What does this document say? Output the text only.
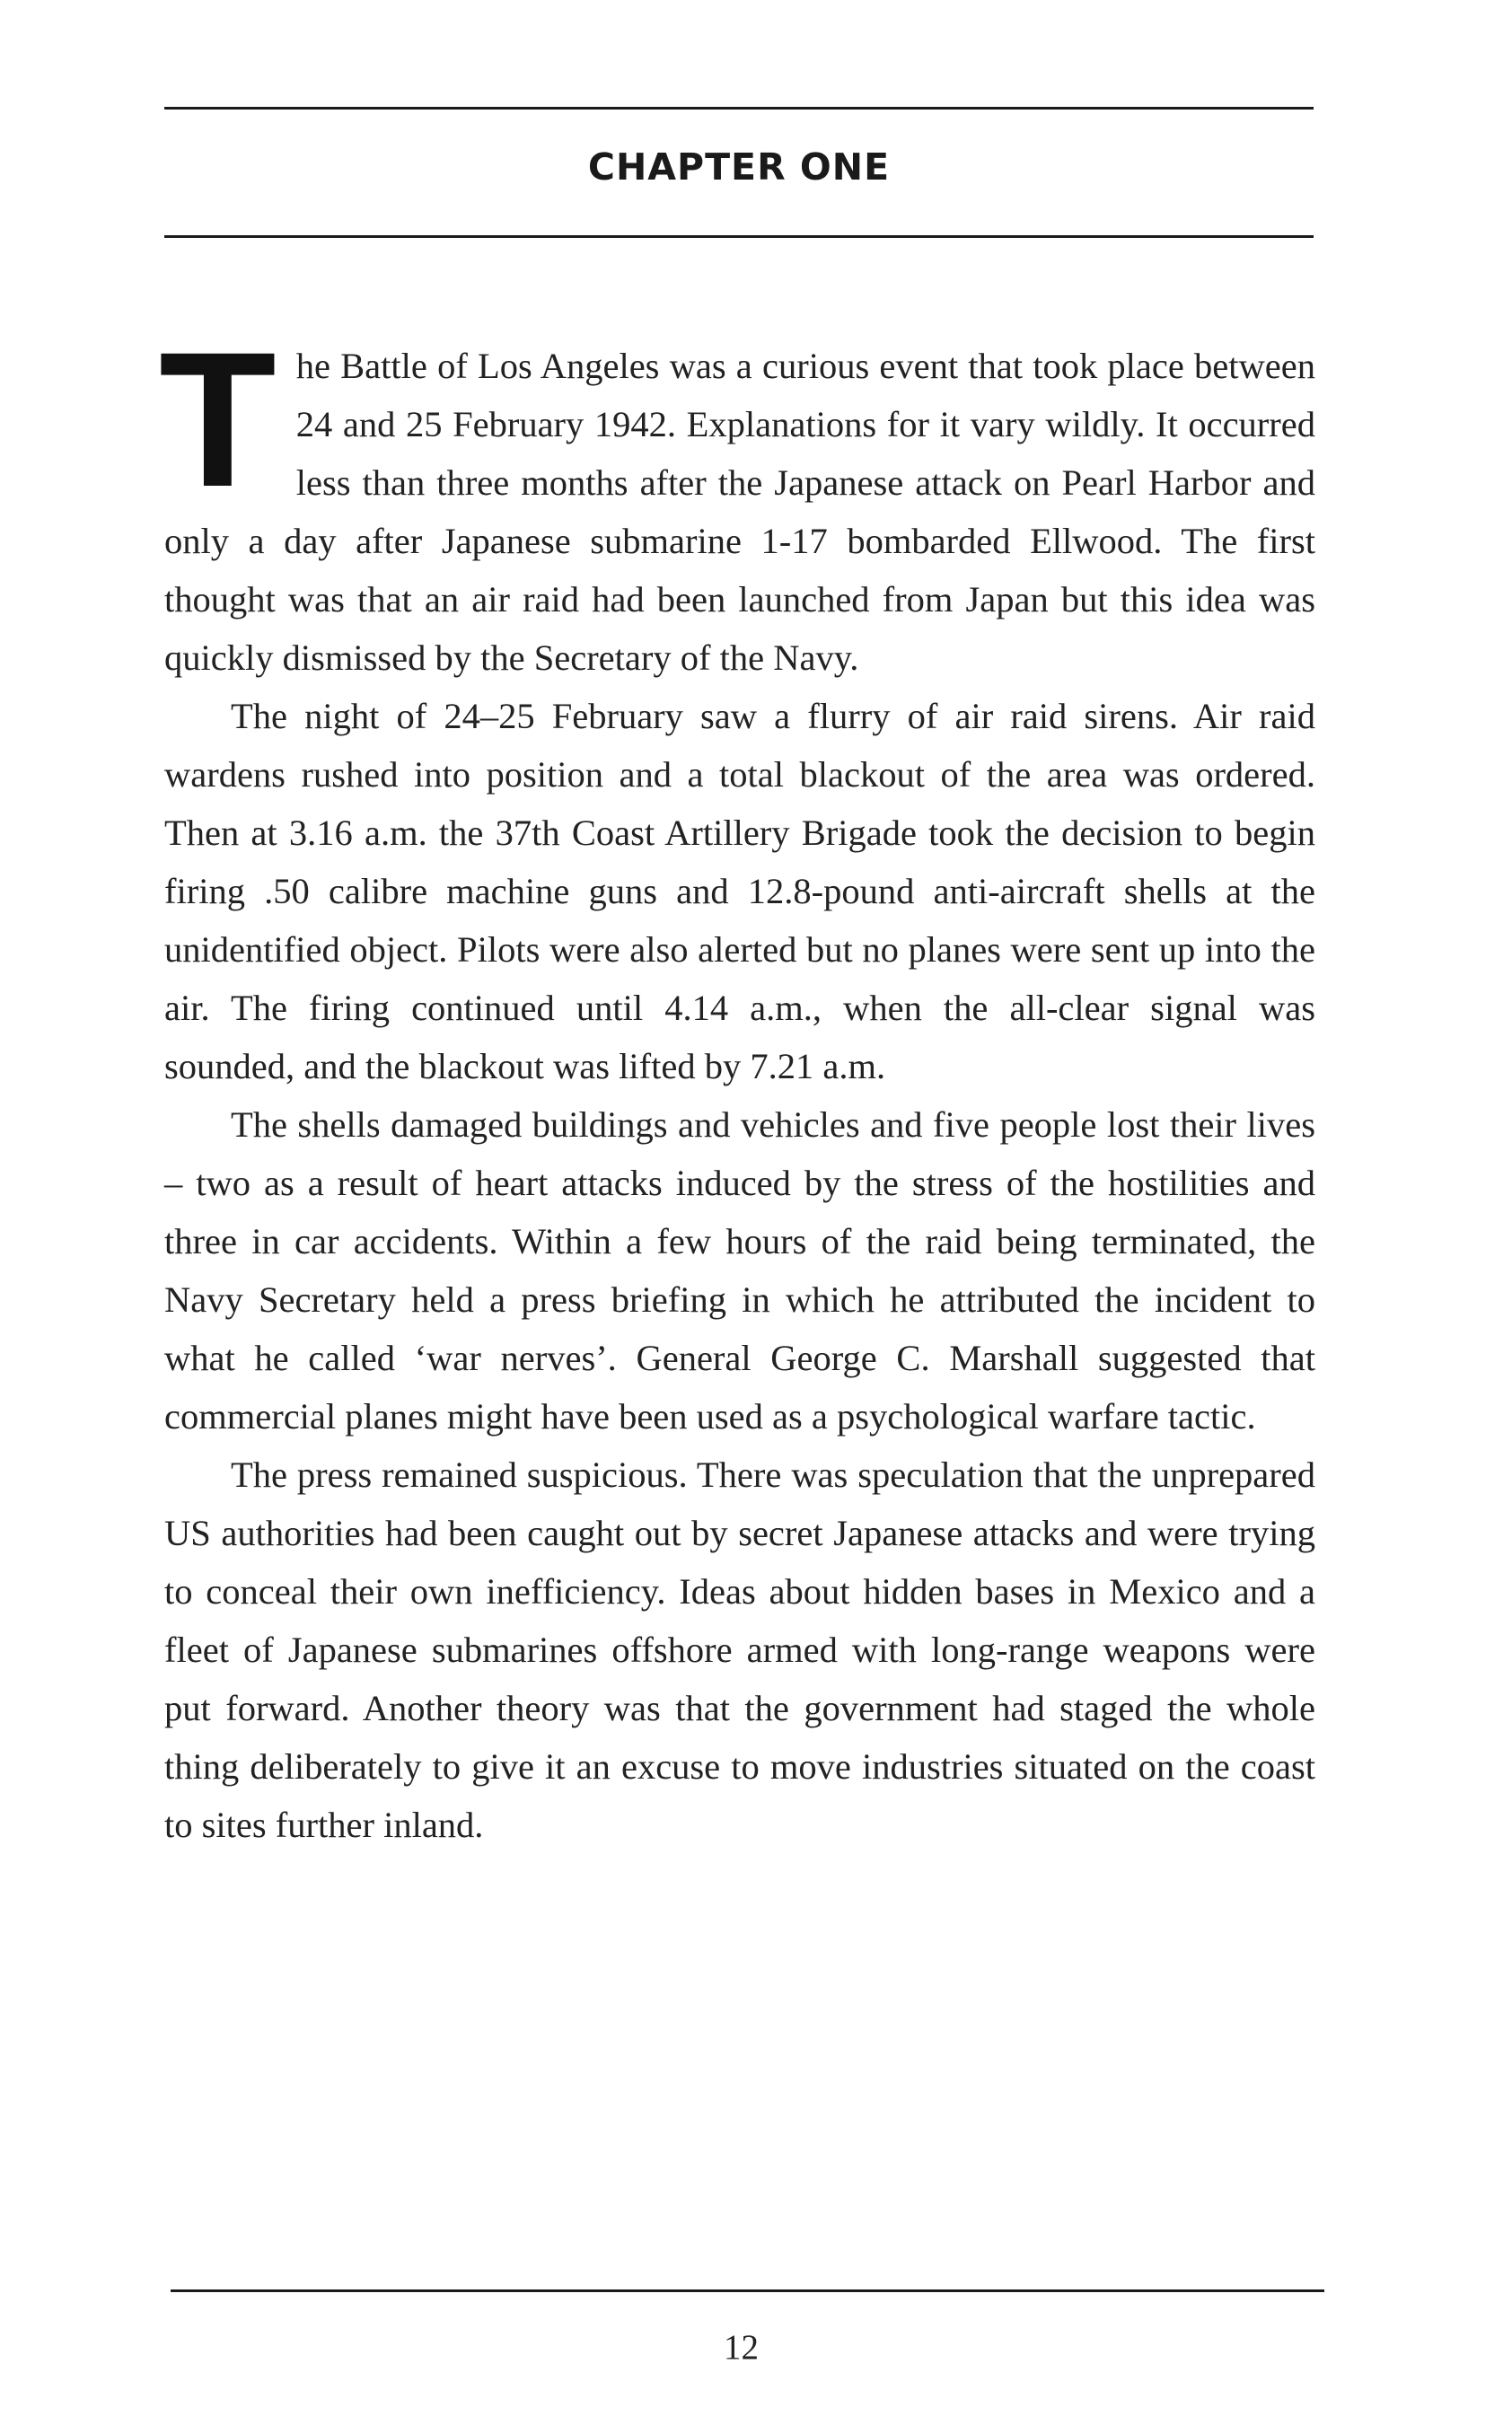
CHAPTER ONE

The Battle of Los Angeles was a curious event that took place between 24 and 25 February 1942. Explanations for it vary wildly. It occurred less than three months after the Japanese attack on Pearl Harbor and only a day after Japanese submarine 1-17 bombarded Ellwood. The first thought was that an air raid had been launched from Japan but this idea was quickly dismissed by the Secretary of the Navy.

The night of 24–25 February saw a flurry of air raid sirens. Air raid wardens rushed into position and a total blackout of the area was ordered. Then at 3.16 a.m. the 37th Coast Artillery Brigade took the decision to begin firing .50 calibre machine guns and 12.8-pound anti-aircraft shells at the unidentified object. Pilots were also alerted but no planes were sent up into the air. The firing continued until 4.14 a.m., when the all-clear signal was sounded, and the blackout was lifted by 7.21 a.m.

The shells damaged buildings and vehicles and five people lost their lives – two as a result of heart attacks induced by the stress of the hostilities and three in car accidents. Within a few hours of the raid being terminated, the Navy Secretary held a press briefing in which he attributed the incident to what he called ‘war nerves’. General George C. Marshall suggested that commercial planes might have been used as a psychological warfare tactic.

The press remained suspicious. There was speculation that the unprepared US authorities had been caught out by secret Japanese attacks and were trying to conceal their own inefficiency. Ideas about hidden bases in Mexico and a fleet of Japanese submarines offshore armed with long-range weapons were put forward. Another theory was that the government had staged the whole thing deliberately to give it an excuse to move industries situated on the coast to sites further inland.

12
